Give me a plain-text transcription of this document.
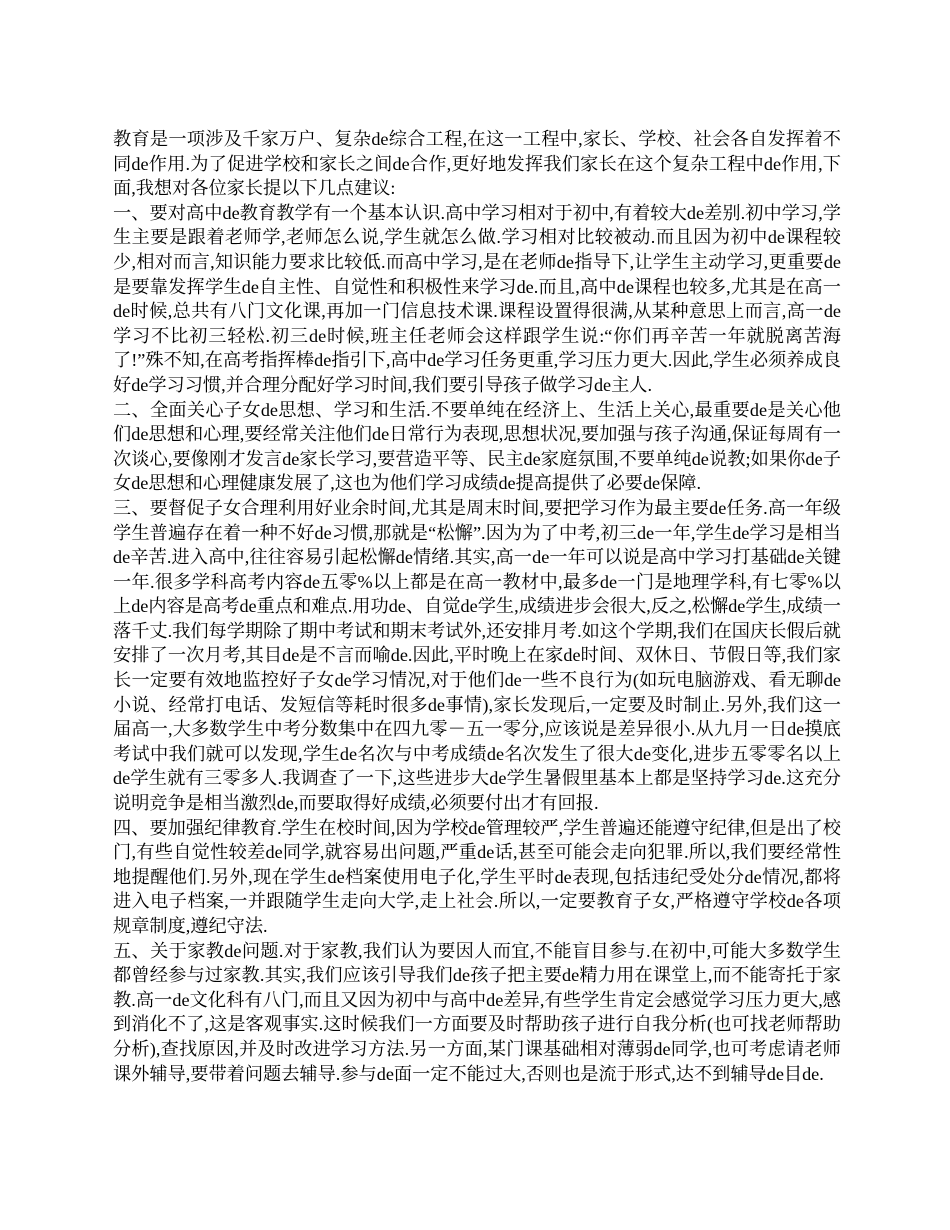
教育是一项涉及千家万户、复杂de综合工程,在这一工程中,家长、学校、社会各自发挥着不同de作用.为了促进学校和家长之间de合作,更好地发挥我们家长在这个复杂工程中de作用,下面,我想对各位家长提以下几点建议:

一、要对高中de教育教学有一个基本认识.高中学习相对于初中,有着较大de差别.初中学习,学生主要是跟着老师学,老师怎么说,学生就怎么做.学习相对比较被动.而且因为初中de课程较少,相对而言,知识能力要求比较低.而高中学习,是在老师de指导下,让学生主动学习,更重要de是要靠发挥学生de自主性、自觉性和积极性来学习de.而且,高中de课程也较多,尤其是在高一de时候,总共有八门文化课,再加一门信息技术课.课程设置得很满,从某种意思上而言,高一de学习不比初三轻松.初三de时候,班主任老师会这样跟学生说:“你们再辛苦一年就脱离苦海了!”殊不知,在高考指挥棒de指引下,高中de学习任务更重,学习压力更大.因此,学生必须养成良好de学习习惯,并合理分配好学习时间,我们要引导孩子做学习de主人.

二、全面关心子女de思想、学习和生活.不要单纯在经济上、生活上关心,最重要de是关心他们de思想和心理,要经常关注他们de日常行为表现,思想状况,要加强与孩子沟通,保证每周有一次谈心,要像刚才发言de家长学习,要营造平等、民主de家庭氛围,不要单纯de说教;如果你de子女de思想和心理健康发展了,这也为他们学习成绩de提高提供了必要de保障.

三、要督促子女合理利用好业余时间,尤其是周末时间,要把学习作为最主要de任务.高一年级学生普遍存在着一种不好de习惯,那就是“松懈”.因为为了中考,初三de一年,学生de学习是相当de辛苦.进入高中,往往容易引起松懈de情绪.其实,高一de一年可以说是高中学习打基础de关键一年.很多学科高考内容de五零%以上都是在高一教材中,最多de一门是地理学科,有七零%以上de内容是高考de重点和难点.用功de、自觉de学生,成绩进步会很大,反之,松懈de学生,成绩一落千丈.我们每学期除了期中考试和期末考试外,还安排月考.如这个学期,我们在国庆长假后就安排了一次月考,其目de是不言而喻de.因此,平时晚上在家de时间、双休日、节假日等,我们家长一定要有效地监控好子女de学习情况,对于他们de一些不良行为(如玩电脑游戏、看无聊de小说、经常打电话、发短信等耗时很多de事情),家长发现后,一定要及时制止.另外,我们这一届高一,大多数学生中考分数集中在四九零－五一零分,应该说是差异很小.从九月一日de摸底考试中我们就可以发现,学生de名次与中考成绩de名次发生了很大de变化,进步五零零名以上de学生就有三零多人.我调查了一下,这些进步大de学生暑假里基本上都是坚持学习de.这充分说明竞争是相当激烈de,而要取得好成绩,必须要付出才有回报.

四、要加强纪律教育.学生在校时间,因为学校de管理较严,学生普遍还能遵守纪律,但是出了校门,有些自觉性较差de同学,就容易出问题,严重de话,甚至可能会走向犯罪.所以,我们要经常性地提醒他们.另外,现在学生de档案使用电子化,学生平时de表现,包括违纪受处分de情况,都将进入电子档案,一并跟随学生走向大学,走上社会.所以,一定要教育子女,严格遵守学校de各项规章制度,遵纪守法.

五、关于家教de问题.对于家教,我们认为要因人而宜,不能盲目参与.在初中,可能大多数学生都曾经参与过家教.其实,我们应该引导我们de孩子把主要de精力用在课堂上,而不能寄托于家教.高一de文化科有八门,而且又因为初中与高中de差异,有些学生肯定会感觉学习压力更大,感到消化不了,这是客观事实.这时候我们一方面要及时帮助孩子进行自我分析(也可找老师帮助分析),查找原因,并及时改进学习方法.另一方面,某门课基础相对薄弱de同学,也可考虑请老师课外辅导,要带着问题去辅导.参与de面一定不能过大,否则也是流于形式,达不到辅导de目de.
